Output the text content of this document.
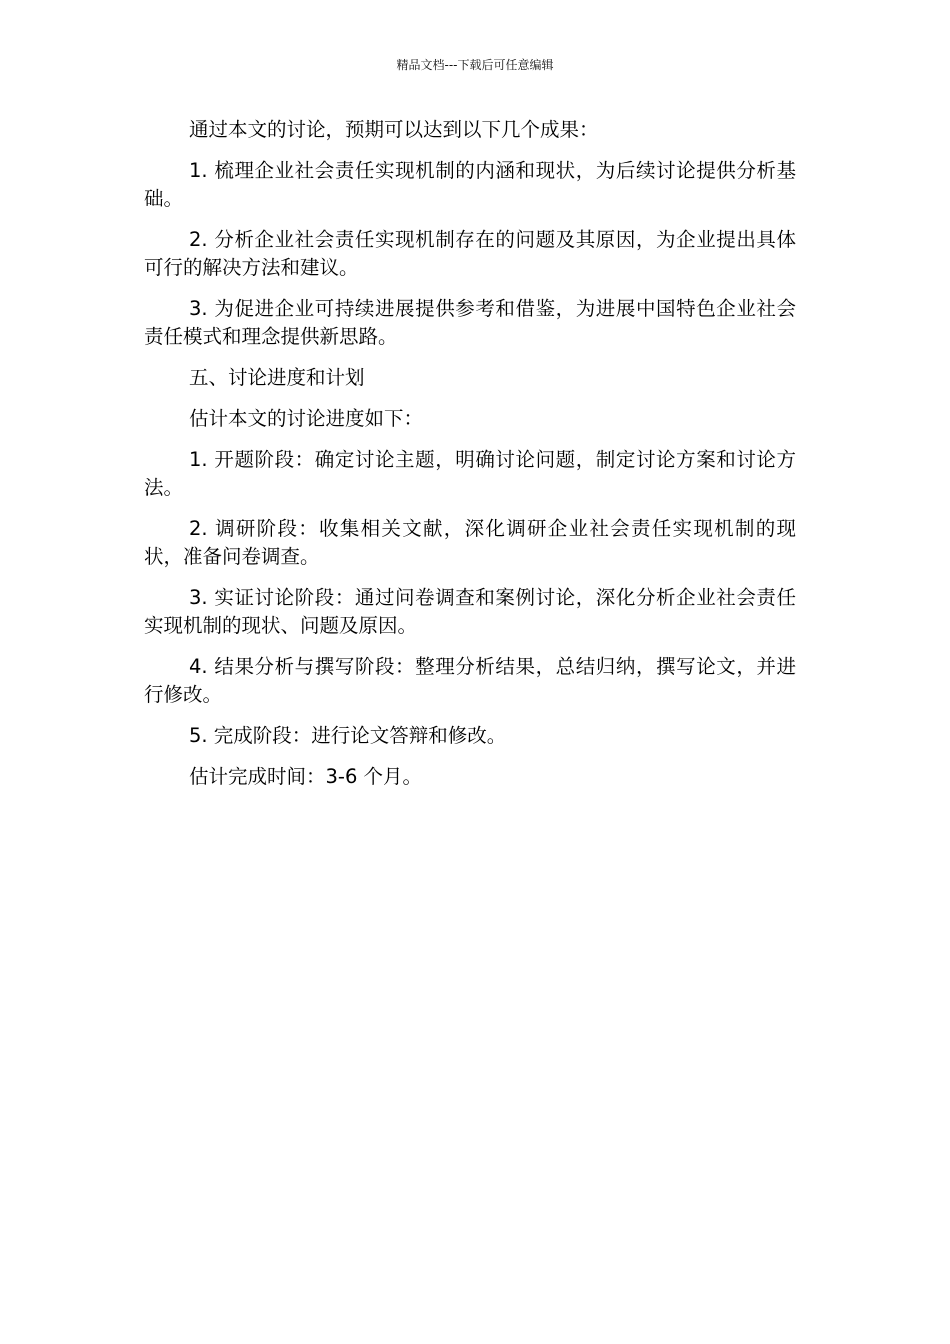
精品文档---下载后可任意编辑

通过本文的讨论，预期可以达到以下几个成果：

1. 梳理企业社会责任实现机制的内涵和现状，为后续讨论提供分析基础。

2. 分析企业社会责任实现机制存在的问题及其原因，为企业提出具体可行的解决方法和建议。

3. 为促进企业可持续进展提供参考和借鉴，为进展中国特色企业社会责任模式和理念提供新思路。

五、讨论进度和计划

估计本文的讨论进度如下：

1. 开题阶段：确定讨论主题，明确讨论问题，制定讨论方案和讨论方法。

2. 调研阶段：收集相关文献，深化调研企业社会责任实现机制的现状，准备问卷调查。

3. 实证讨论阶段：通过问卷调查和案例讨论，深化分析企业社会责任实现机制的现状、问题及原因。

4. 结果分析与撰写阶段：整理分析结果，总结归纳，撰写论文，并进行修改。

5. 完成阶段：进行论文答辩和修改。

估计完成时间：3-6 个月。
